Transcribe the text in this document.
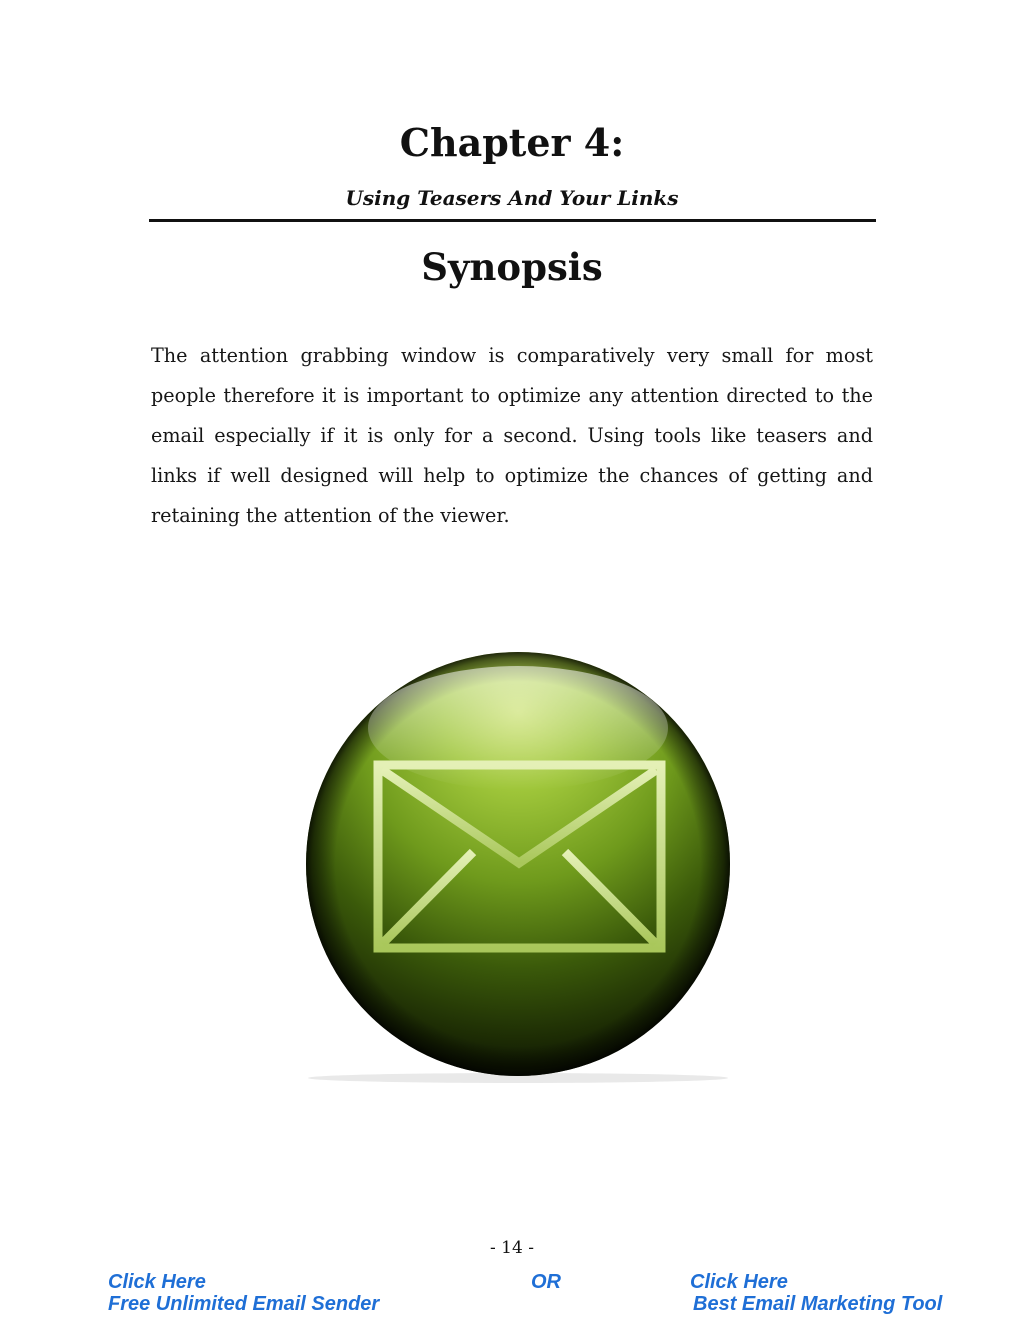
Chapter 4:
Using Teasers And Your Links
Synopsis

The attention grabbing window is comparatively very small for most people therefore it is important to optimize any attention directed to the email especially if it is only for a second. Using tools like teasers and links if well designed will help to optimize the chances of getting and retaining the attention of the viewer.

- 14 -
Click Here
Free Unlimited Email Sender
OR	Click Here
Best Email Marketing Tool
